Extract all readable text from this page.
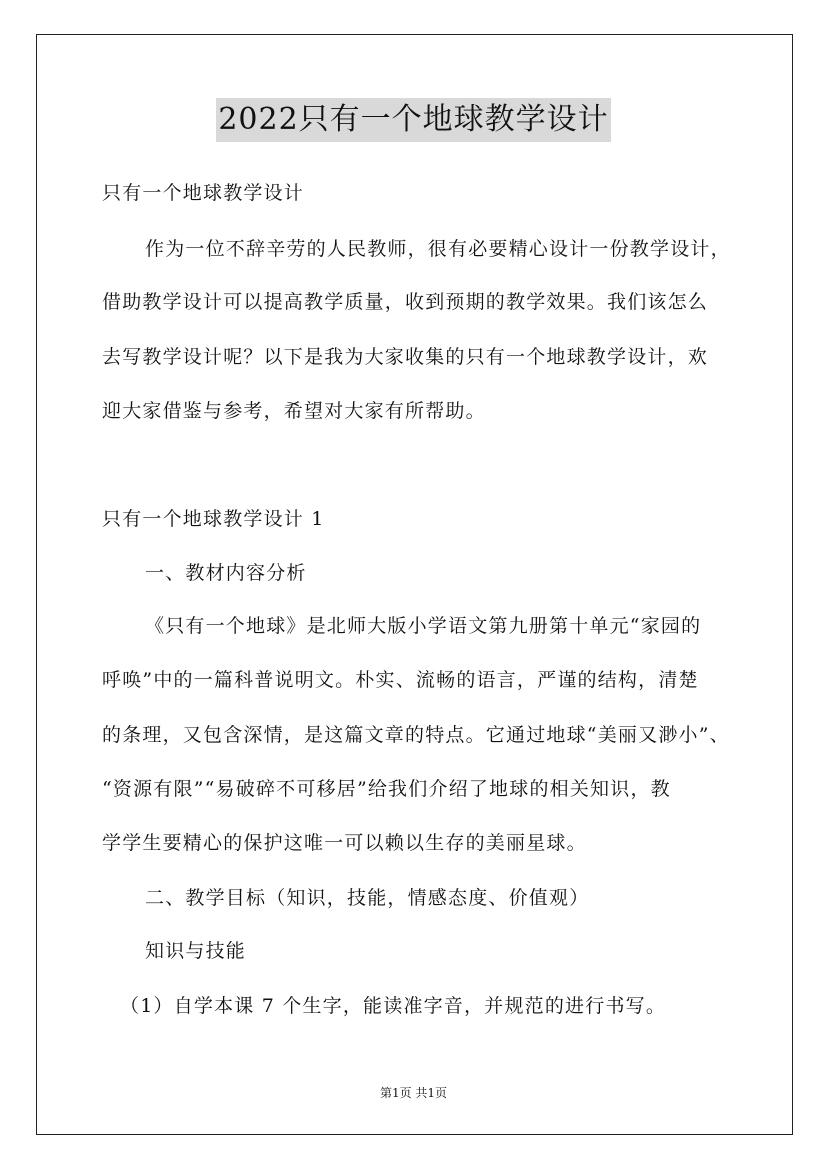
2022只有一个地球教学设计
只有一个地球教学设计
作为一位不辞辛劳的人民教师，很有必要精心设计一份教学设计，
借助教学设计可以提高教学质量，收到预期的教学效果。我们该怎么
去写教学设计呢？以下是我为大家收集的只有一个地球教学设计，欢
迎大家借鉴与参考，希望对大家有所帮助。
只有一个地球教学设计 1
一、教材内容分析
《只有一个地球》是北师大版小学语文第九册第十单元“家园的
呼唤”中的一篇科普说明文。朴实、流畅的语言，严谨的结构，清楚
的条理，又包含深情，是这篇文章的特点。它通过地球“美丽又渺小”、
“资源有限”“易破碎不可移居”给我们介绍了地球的相关知识，教
学学生要精心的保护这唯一可以赖以生存的美丽星球。
二、教学目标（知识，技能，情感态度、价值观）
知识与技能
（1）自学本课 7 个生字，能读准字音，并规范的进行书写。
第1页 共1页
